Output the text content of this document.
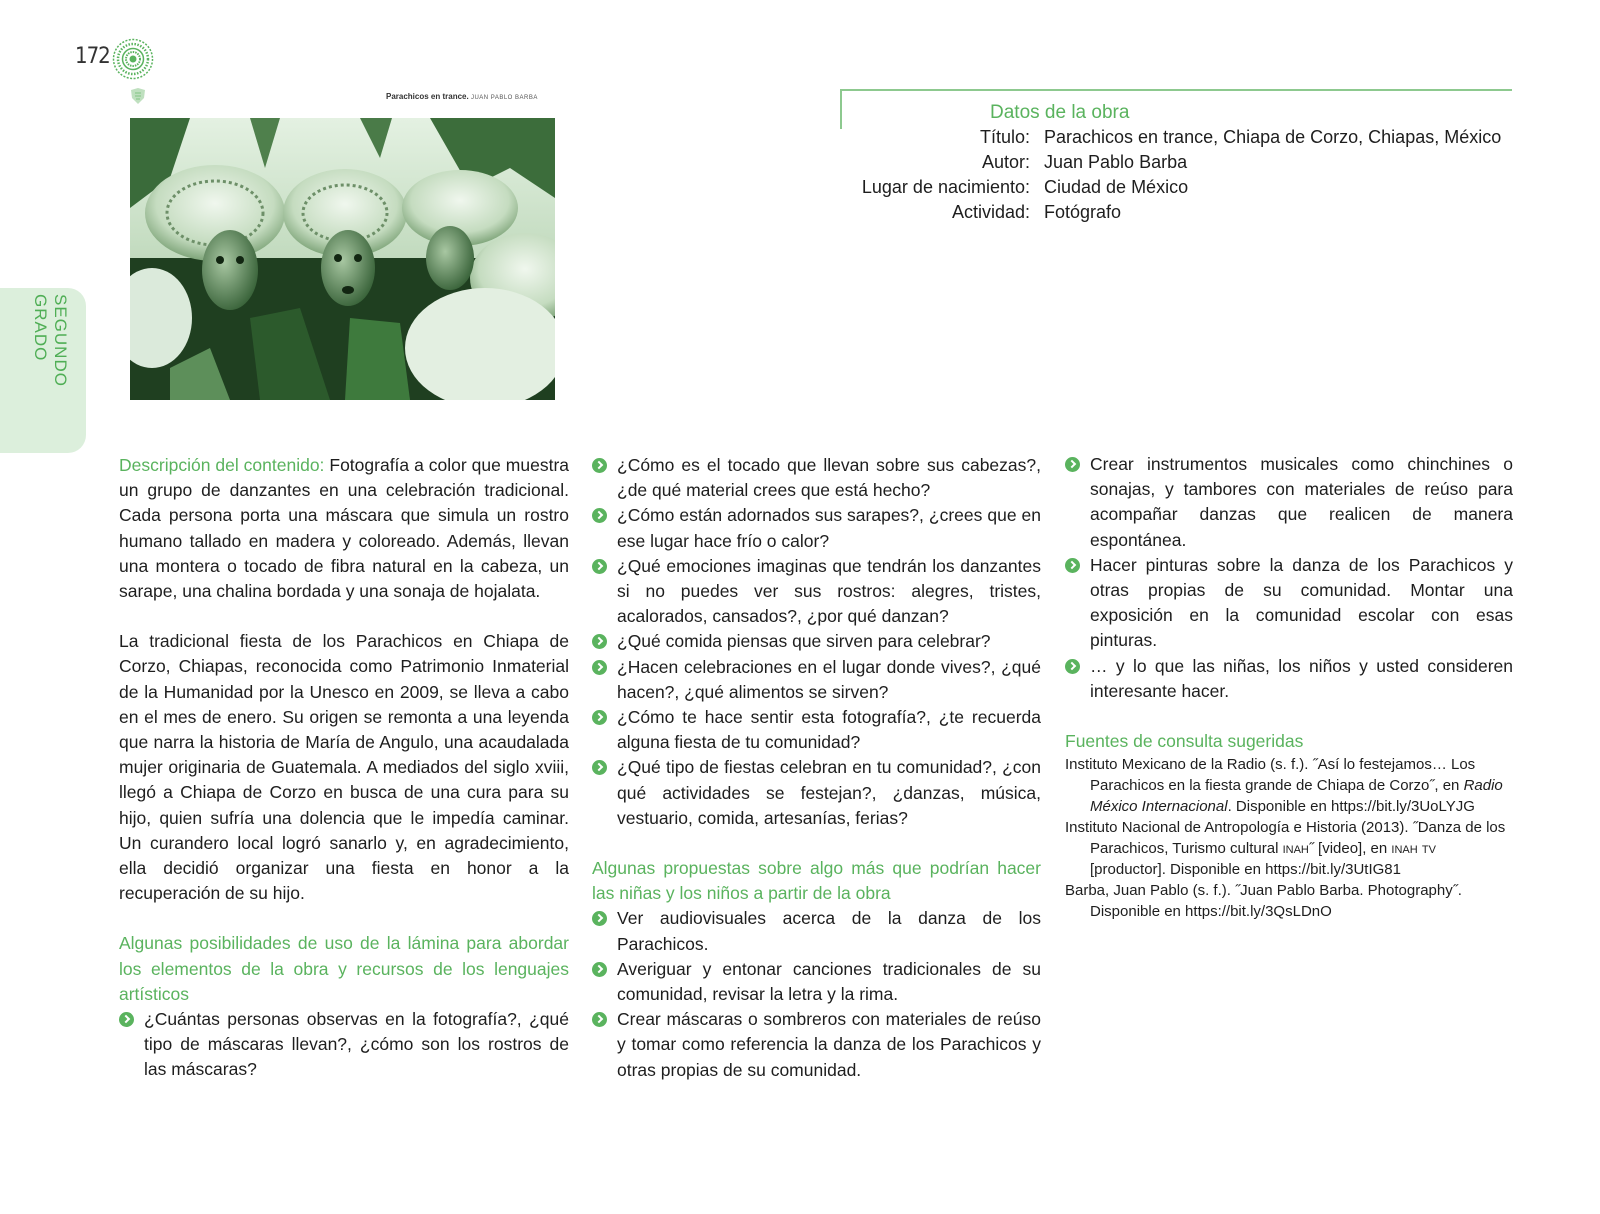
172
SEGUNDO GRADO
Parachicos en trance. JUAN PABLO BARBA
Datos de la obra
Título: Parachicos en trance, Chiapa de Corzo, Chiapas, México
Autor: Juan Pablo Barba
Lugar de nacimiento: Ciudad de México
Actividad: Fotógrafo

Descripción del contenido: Fotografía a color que muestra un grupo de danzantes en una celebración tradicional. Cada persona porta una máscara que simula un rostro humano tallado en madera y coloreado. Además, llevan una montera o tocado de fibra natural en la cabeza, un sarape, una chalina bordada y una sonaja de hojalata.

La tradicional fiesta de los Parachicos en Chiapa de Corzo, Chiapas, reconocida como Patrimonio Inmaterial de la Humanidad por la Unesco en 2009, se lleva a cabo en el mes de enero. Su origen se remonta a una leyenda que narra la historia de María de Angulo, una acaudalada mujer originaria de Guatemala. A mediados del siglo xviii, llegó a Chiapa de Corzo en busca de una cura para su hijo, quien sufría una dolencia que le impedía caminar. Un curandero local logró sanarlo y, en agradecimiento, ella decidió organizar una fiesta en honor a la recuperación de su hijo.

Algunas posibilidades de uso de la lámina para abordar los elementos de la obra y recursos de los lenguajes artísticos

¿Cuántas personas observas en la fotografía?, ¿qué tipo de máscaras llevan?, ¿cómo son los rostros de las máscaras?
¿Cómo es el tocado que llevan sobre sus cabezas?, ¿de qué material crees que está hecho?
¿Cómo están adornados sus sarapes?, ¿crees que en ese lugar hace frío o calor?
¿Qué emociones imaginas que tendrán los danzantes si no puedes ver sus rostros: alegres, tristes, acalorados, cansados?, ¿por qué danzan?
¿Qué comida piensas que sirven para celebrar?
¿Hacen celebraciones en el lugar donde vives?, ¿qué hacen?, ¿qué alimentos se sirven?
¿Cómo te hace sentir esta fotografía?, ¿te recuerda alguna fiesta de tu comunidad?
¿Qué tipo de fiestas celebran en tu comunidad?, ¿con qué actividades se festejan?, ¿danzas, música, vestuario, comida, artesanías, ferias?

Algunas propuestas sobre algo más que podrían hacer las niñas y los niños a partir de la obra

Ver audiovisuales acerca de la danza de los Parachicos.
Averiguar y entonar canciones tradicionales de su comunidad, revisar la letra y la rima.
Crear máscaras o sombreros con materiales de reúso y tomar como referencia la danza de los Parachicos y otras propias de su comunidad.
Crear instrumentos musicales como chinchines o sonajas, y tambores con materiales de reúso para acompañar danzas que realicen de manera espontánea.
Hacer pinturas sobre la danza de los Parachicos y otras propias de su comunidad. Montar una exposición en la comunidad escolar con esas pinturas.
… y lo que las niñas, los niños y usted consideren interesante hacer.

Fuentes de consulta sugeridas

Instituto Mexicano de la Radio (s. f.). ˝Así lo festejamos… Los Parachicos en la fiesta grande de Chiapa de Corzo˝, en Radio México Internacional. Disponible en https://bit.ly/3UoLYJG

Instituto Nacional de Antropología e Historia (2013). ˝Danza de los Parachicos, Turismo cultural inah˝ [video], en inah tv [productor]. Disponible en https://bit.ly/3UtIG81

Barba, Juan Pablo (s. f.). ˝Juan Pablo Barba. Photography˝. Disponible en https://bit.ly/3QsLDnO
